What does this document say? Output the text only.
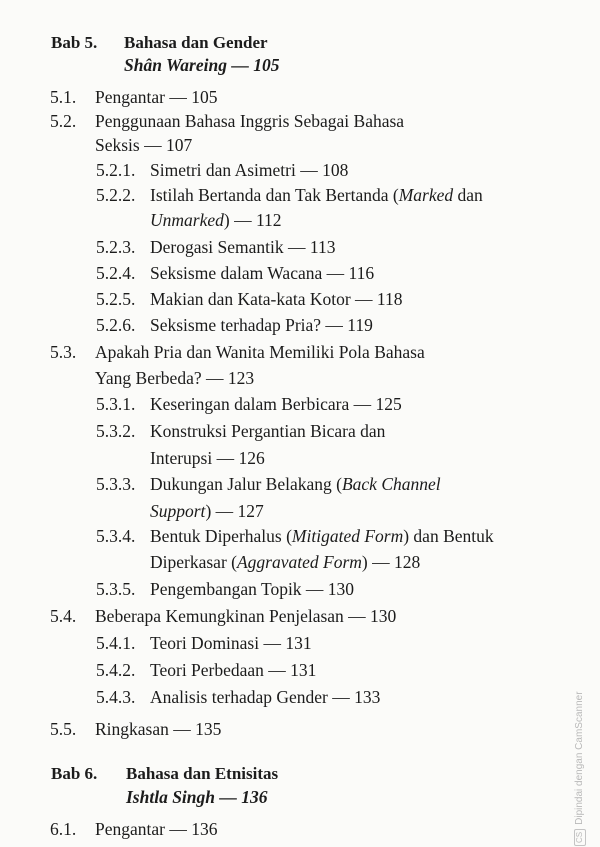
Bab 5. Bahasa dan Gender
Shân Wareing — 105
5.1. Pengantar — 105
5.2. Penggunaan Bahasa Inggris Sebagai Bahasa
Seksis — 107
5.2.1. Simetri dan Asimetri — 108
5.2.2. Istilah Bertanda dan Tak Bertanda (Marked dan
Unmarked) — 112
5.2.3. Derogasi Semantik — 113
5.2.4. Seksisme dalam Wacana — 116
5.2.5. Makian dan Kata-kata Kotor — 118
5.2.6. Seksisme terhadap Pria? — 119
5.3. Apakah Pria dan Wanita Memiliki Pola Bahasa
Yang Berbeda? — 123
5.3.1. Keseringan dalam Berbicara — 125
5.3.2. Konstruksi Pergantian Bicara dan
Interupsi — 126
5.3.3. Dukungan Jalur Belakang (Back Channel
Support) — 127
5.3.4. Bentuk Diperhalus (Mitigated Form) dan Bentuk
Diperkasar (Aggravated Form) — 128
5.3.5. Pengembangan Topik — 130
5.4. Beberapa Kemungkinan Penjelasan — 130
5.4.1. Teori Dominasi — 131
5.4.2. Teori Perbedaan — 131
5.4.3. Analisis terhadap Gender — 133
5.5. Ringkasan — 135
Bab 6. Bahasa dan Etnisitas
Ishtla Singh — 136
6.1. Pengantar — 136	CSDipindai dengan CamScanner
